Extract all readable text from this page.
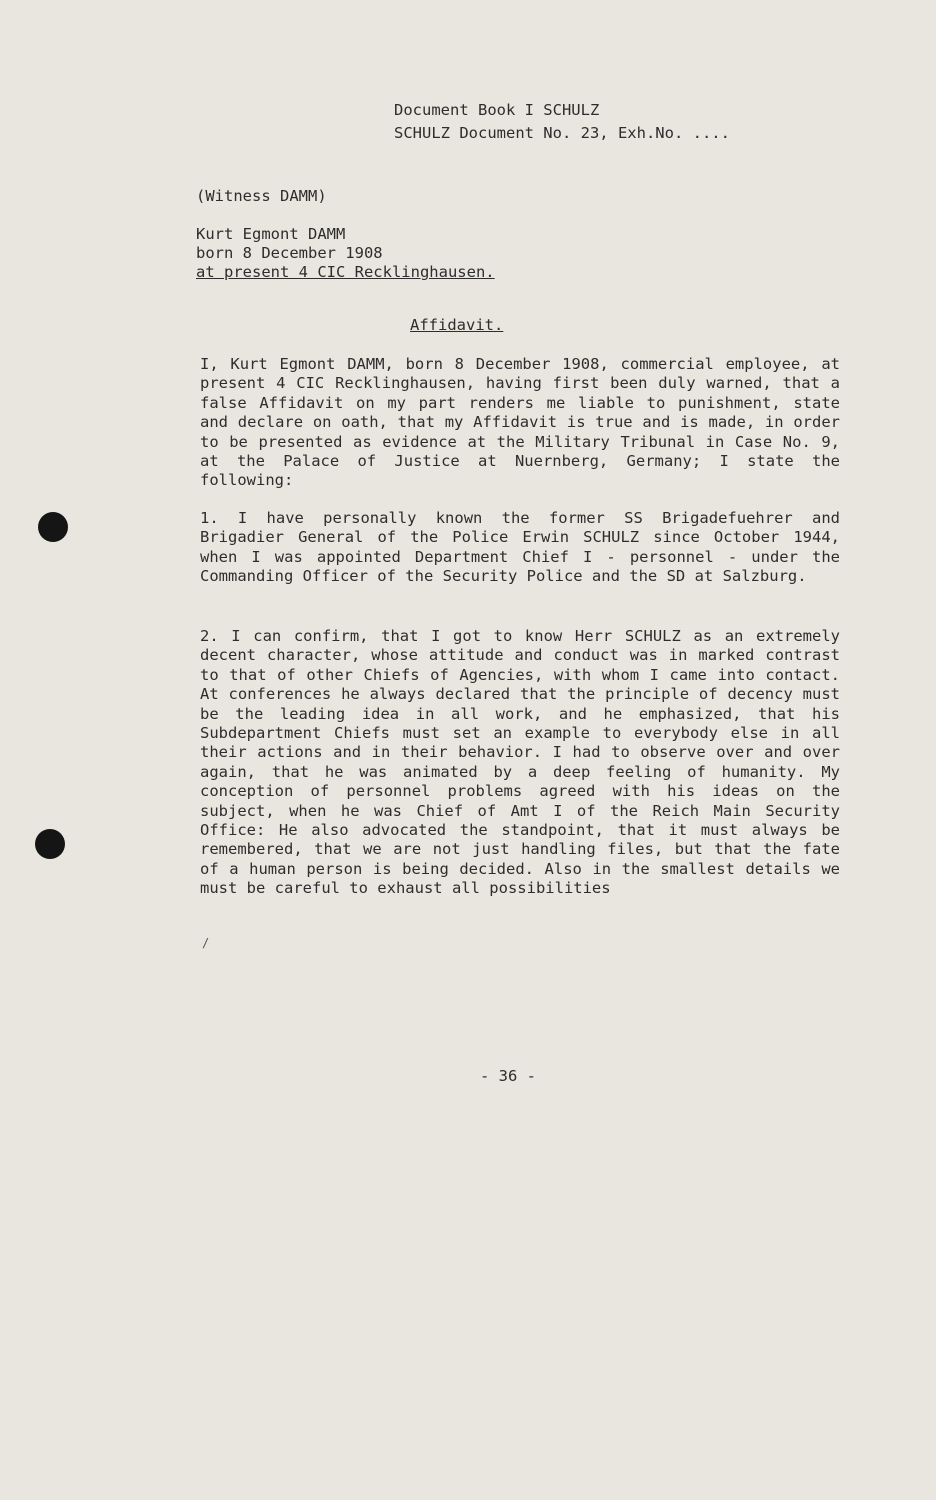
Document Book I SCHULZ
SCHULZ Document No. 23, Exh.No. ....
(Witness DAMM)
Kurt Egmont DAMM
born 8 December 1908
at present 4 CIC Recklinghausen.
Affidavit.

I, Kurt Egmont DAMM, born 8 December 1908, commercial employee, at present 4 CIC Recklinghausen, having first been duly warned, that a false Affidavit on my part renders me liable to punishment, state and declare on oath, that my Affidavit is true and is made, in order to be presented as evidence at the Military Tribunal in Case No. 9, at the Palace of Justice at Nuernberg, Germany; I state the following:

1. I have personally known the former SS Brigadefuehrer and Brigadier General of the Police Erwin SCHULZ since October 1944, when I was appointed Department Chief I - personnel - under the Commanding Officer of the Security Police and the SD at Salzburg.

2. I can confirm, that I got to know Herr SCHULZ as an extremely decent character, whose attitude and conduct was in marked contrast to that of other Chiefs of Agencies, with whom I came into contact. At conferences he always declared that the principle of decency must be the leading idea in all work, and he emphasized, that his Subdepartment Chiefs must set an example to everybody else in all their actions and in their behavior. I had to observe over and over again, that he was animated by a deep feeling of humanity. My conception of personnel problems agreed with his ideas on the subject, when he was Chief of Amt I of the Reich Main Security Office: He also advocated the standpoint, that it must always be remembered, that we are not just handling files, but that the fate of a human person is being decided. Also in the smallest details we must be careful to exhaust all possibilities

/
- 36 -
